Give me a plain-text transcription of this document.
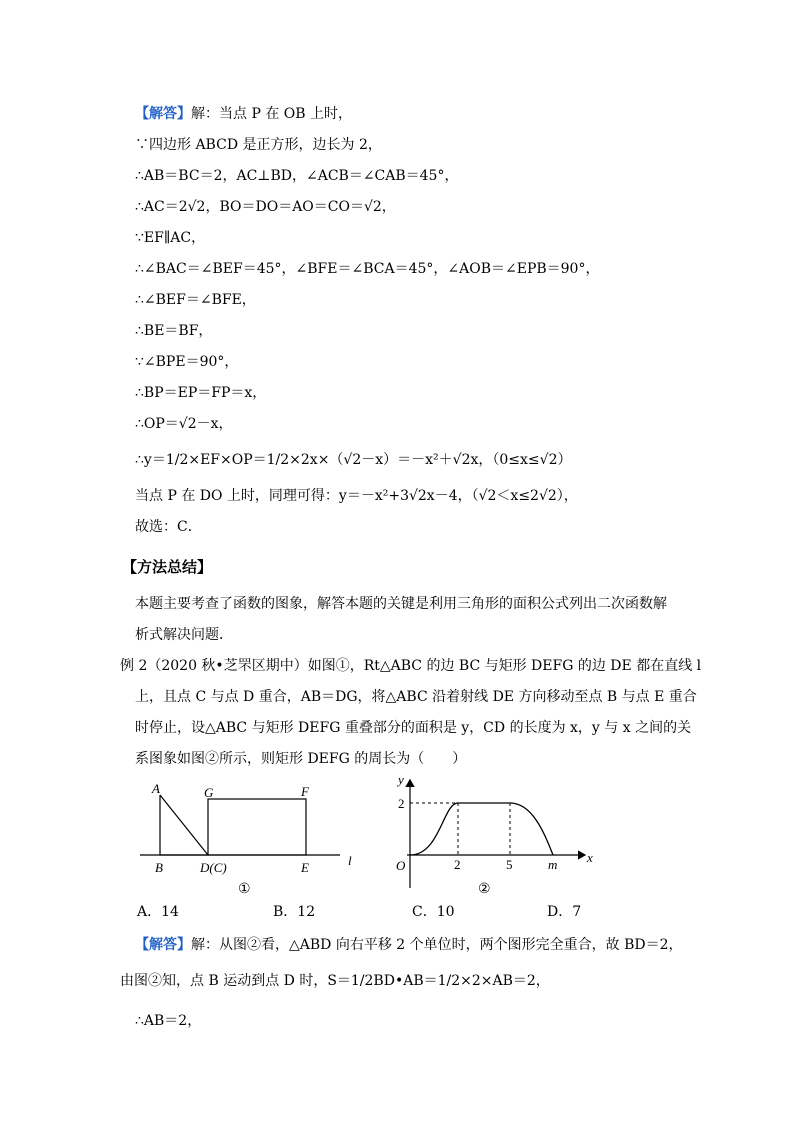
【解答】解：当点 P 在 OB 上时，
∵四边形 ABCD 是正方形，边长为 2，
∴AB＝BC＝2，AC⊥BD，∠ACB＝∠CAB＝45°，
∴AC＝2√2，BO＝DO＝AO＝CO＝√2，
∵EF∥AC，
∴∠BAC＝∠BEF＝45°，∠BFE＝∠BCA＝45°，∠AOB＝∠EPB＝90°，
∴∠BEF＝∠BFE，
∴BE＝BF，
∵∠BPE＝90°，
∴BP＝EP＝FP＝x，
∴OP＝√2－x，
∴y＝1/2×EF×OP＝1/2×2x×（√2－x）＝－x²＋√2x，（0≤x≤√2）
当点 P 在 DO 上时，同理可得：y＝－x²+3√2x－4，（√2＜x≤2√2），
故选：C．
【方法总结】
本题主要考查了函数的图象，解答本题的关键是利用三角形的面积公式列出二次函数解
析式解决问题．
例 2（2020 秋•芝罘区期中）如图①，Rt△ABC 的边 BC 与矩形 DEFG 的边 DE 都在直线 l
上，且点 C 与点 D 重合，AB＝DG，将△ABC 沿着射线 DE 方向移动至点 B 与点 E 重合
时停止，设△ABC 与矩形 DEFG 重叠部分的面积是 y，CD 的长度为 x，y 与 x 之间的关
系图象如图②所示，则矩形 DEFG 的周长为（　　）
A	G	F
B	D(C)	E	l
①
y
2
O	2	5	m x
②
A．14	B．12	C．10	D．7
【解答】解：从图②看，△ABD 向右平移 2 个单位时，两个图形完全重合，故 BD＝2，
由图②知，点 B 运动到点 D 时，S＝1/2BD•AB＝1/2×2×AB＝2，
∴AB＝2，
